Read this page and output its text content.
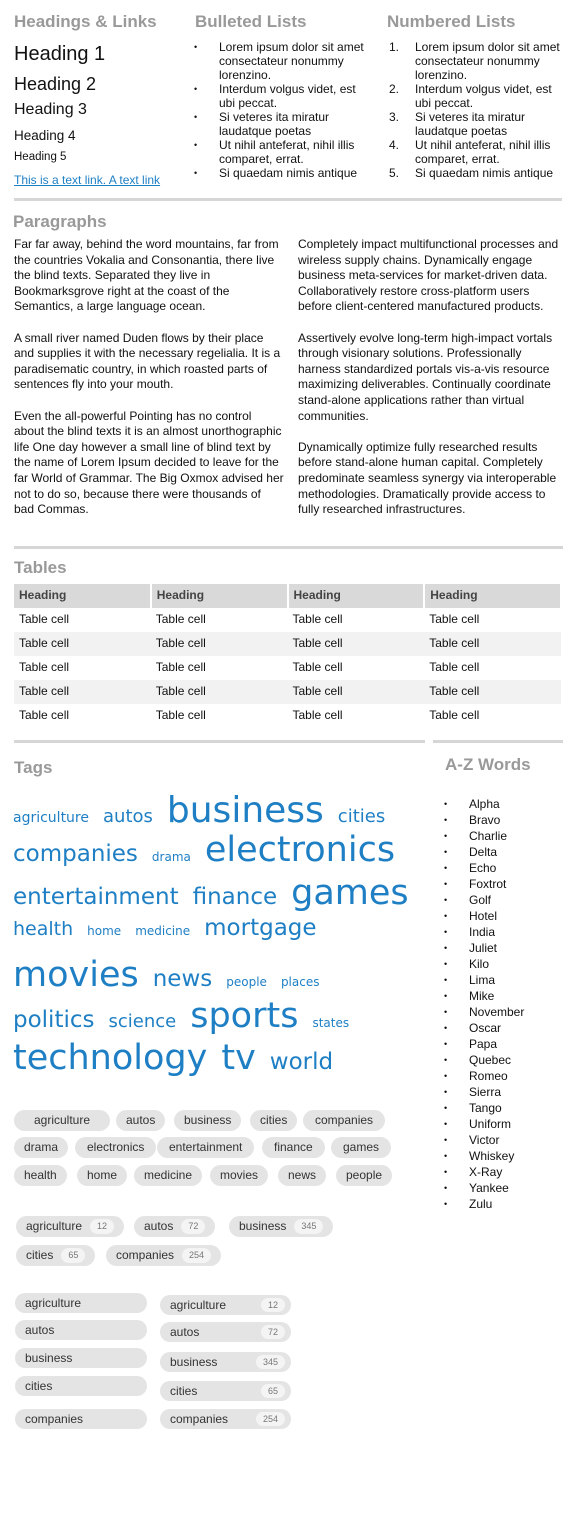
Headings & Links
Heading 1
Heading 2
Heading 3
Heading 4
Heading 5
This is a text link. A text link
Bulleted Lists
• Lorem ipsum dolor sit amet consectateur nonummy lorenzino.
• Interdum volgus videt, est ubi peccat.
• Si veteres ita miratur laudatque poetas
• Ut nihil anteferat, nihil illis comparet, errat.
• Si quaedam nimis antique
Numbered Lists
1. Lorem ipsum dolor sit amet consectateur nonummy lorenzino.
2. Interdum volgus videt, est ubi peccat.
3. Si veteres ita miratur laudatque poetas
4. Ut nihil anteferat, nihil illis comparet, errat.
5. Si quaedam nimis antique
Paragraphs

Far far away, behind the word mountains, far from the countries Vokalia and Consonantia, there live the blind texts. Separated they live in Bookmarksgrove right at the coast of the Semantics, a large language ocean.

A small river named Duden flows by their place and supplies it with the necessary regelialia. It is a paradisematic country, in which roasted parts of sentences fly into your mouth.

Even the all-powerful Pointing has no control about the blind texts it is an almost unorthographic life One day however a small line of blind text by the name of Lorem Ipsum decided to leave for the far World of Grammar. The Big Oxmox advised her not to do so, because there were thousands of bad Commas.

Completely impact multifunctional processes and wireless supply chains. Dynamically engage business meta-services for market-driven data. Collaboratively restore cross-platform users before client-centered manufactured products.

Assertively evolve long-term high-impact vortals through visionary solutions. Professionally harness standardized portals vis-a-vis resource maximizing deliverables. Continually coordinate stand-alone applications rather than virtual communities.

Dynamically optimize fully researched results before stand-alone human capital. Completely predominate seamless synergy via interoperable methodologies. Dramatically provide access to fully researched infrastructures.

Tables
Heading	Heading	Heading	Heading
Table cell	Table cell	Table cell	Table cell
Table cell	Table cell	Table cell	Table cell
Table cell	Table cell	Table cell	Table cell
Table cell	Table cell	Table cell	Table cell
Table cell	Table cell	Table cell	Table cell
Tags
agriculture autos business cities
companies drama electronics
entertainment finance games
health home medicine mortgage
movies news people places
politics science sports states
technology tv world
agriculture	autos	business	cities	companies
drama	electronics	entertainment	finance	games
health	home	medicine	movies	news	people
agriculture 12	autos 72	business 345
cities 65	companies 254
agriculture
autos
business
cities
companies
agriculture	12
autos	72
business	345
cities	65
companies	254
A-Z Words
• Alpha
• Bravo
• Charlie
• Delta
• Echo
• Foxtrot
• Golf
• Hotel
• India
• Juliet
• Kilo
• Lima
• Mike
• November
• Oscar
• Papa
• Quebec
• Romeo
• Sierra
• Tango
• Uniform
• Victor
• Whiskey
• X-Ray
• Yankee
• Zulu
